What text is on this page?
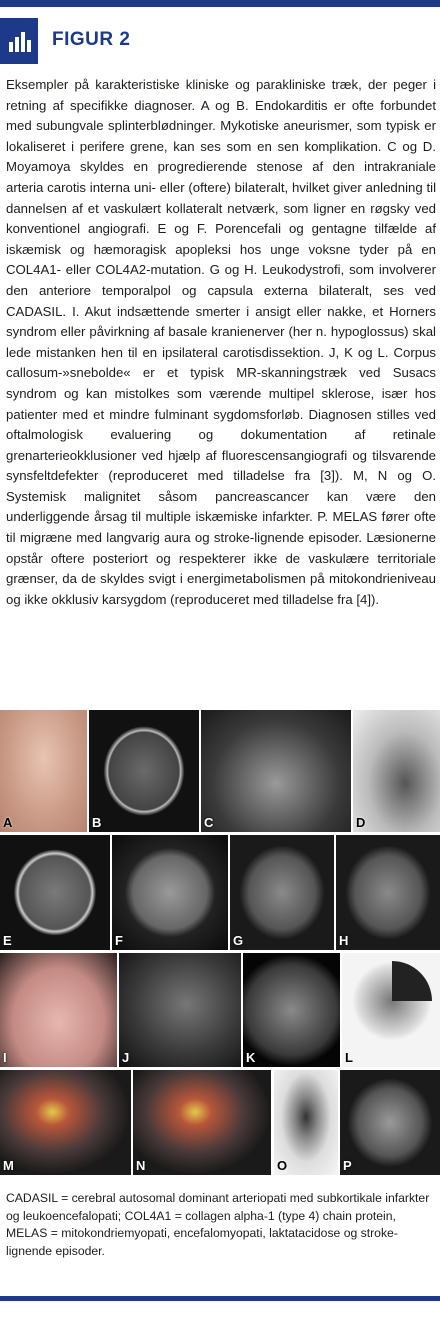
FIGUR 2
Eksempler på karakteristiske kliniske og parakliniske træk, der peger i retning af specifikke diagnoser. A og B. Endokarditis er ofte forbundet med subungvale splinterblødninger. Mykotiske aneurismer, som typisk er lokaliseret i perifere grene, kan ses som en sen komplikation. C og D. Moyamoya skyldes en progredierende stenose af den intrakraniale arteria carotis interna uni- eller (oftere) bilateralt, hvilket giver anledning til dannelsen af et vaskulært kollateralt netværk, som ligner en røgsky ved konventionel angiografi. E og F. Porencefali og gentagne tilfælde af iskæmisk og hæmoragisk apopleksi hos unge voksne tyder på en COL4A1- eller COL4A2-mutation. G og H. Leukodystrofi, som involverer den anteriore temporalpol og capsula externa bilateralt, ses ved CADASIL. I. Akut indsættende smerter i ansigt eller nakke, et Horners syndrom eller påvirkning af basale kranienerver (her n. hypoglossus) skal lede mistanken hen til en ipsilateral carotisdissektion. J, K og L. Corpus callosum-»snebolde« er et typisk MR-skanningstræk ved Susacs syndrom og kan mistolkes som værende multipel sklerose, især hos patienter med et mindre fulminant sygdomsforløb. Diagnosen stilles ved oftalmologisk evaluering og dokumentation af retinale grenarterieokklusioner ved hjælp af fluorescensangiografi og tilsvarende synsfeltdefekter (reproduceret med tilladelse fra [3]). M, N og O. Systemisk malignitet såsom pancreascancer kan være den underliggende årsag til multiple iskæmiske infarkter. P. MELAS fører ofte til migræne med langvarig aura og stroke-lignende episoder. Læsionerne opstår oftere posteriort og respekterer ikke de vaskulære territoriale grænser, da de skyldes svigt i energimetabolismen på mitokondrieniveau og ikke okklusiv karsygdom (reproduceret med tilladelse fra [4]).
A	B	C	D
E	F	G	H
I	J	K	L
M	N	O	P
CADASIL = cerebral autosomal dominant arteriopati med subkortikale infarkter og leukoencefalopati; COL4A1 = collagen alpha-1 (type 4) chain protein, MELAS = mitokondriemyopati, encefalomyopati, laktatacidose og stroke-lignende episoder.
